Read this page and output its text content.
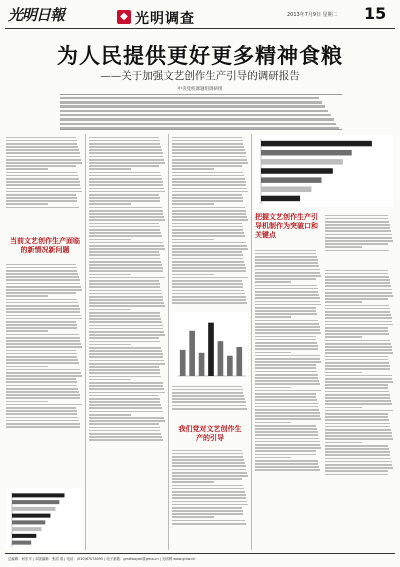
光明日報	◆ 光明调查	2013年7月9日 星期二 15
为人民提供更好更多精神食粮
——关于加强文艺创作生产引导的调研报告
中央党校课题组调研组
当前文艺创作生产面临的新情况新问题
我们党对文艺创作生产的引导
把握文艺创作生产引导机制作为突破口和关键点
总编辑：何东平 | 本版编辑：张清 梁 | 电话：(010)67078095 | 电子邮箱：gmdiaoyan@gmw.cn | 光明网 www.gmw.cn
